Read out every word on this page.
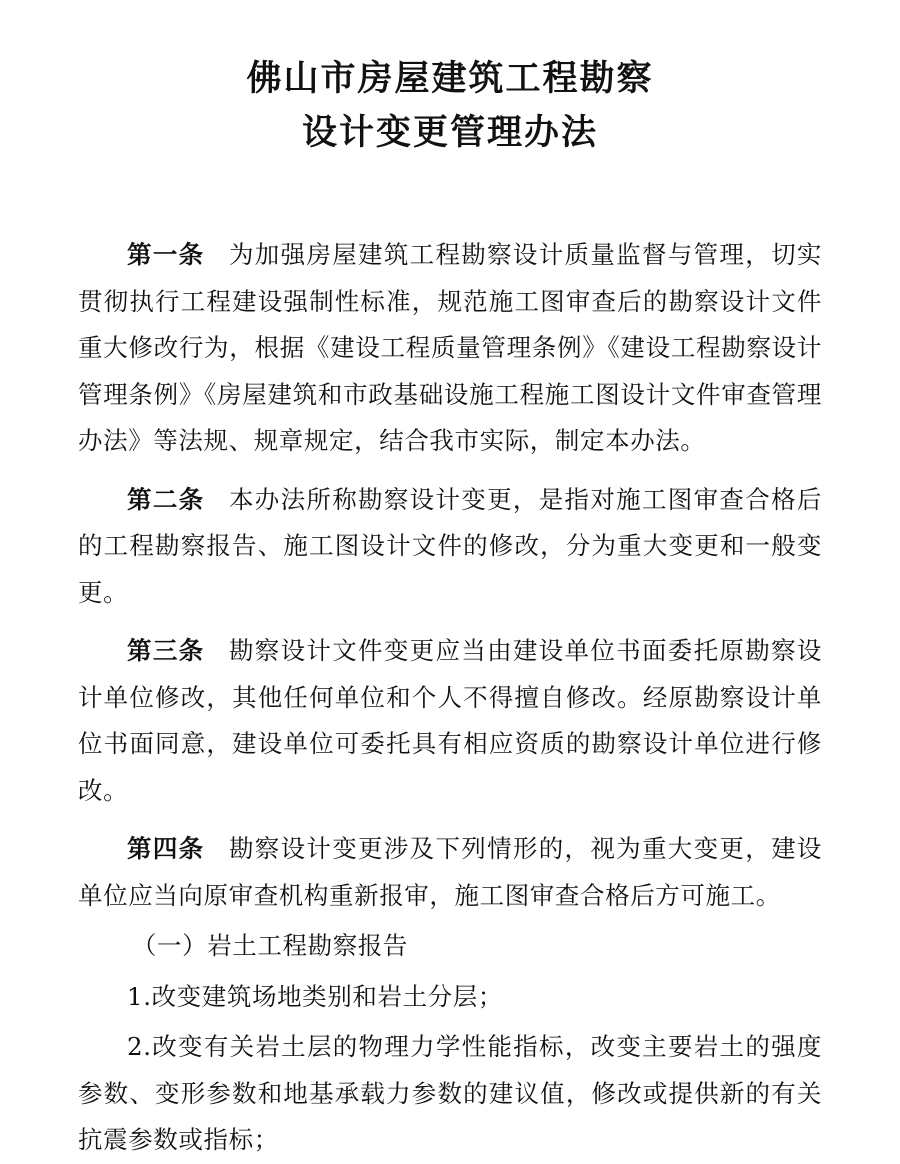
佛山市房屋建筑工程勘察
设计变更管理办法

第一条 为加强房屋建筑工程勘察设计质量监督与管理，切实贯彻执行工程建设强制性标准，规范施工图审查后的勘察设计文件重大修改行为，根据《建设工程质量管理条例》《建设工程勘察设计管理条例》《房屋建筑和市政基础设施工程施工图设计文件审查管理办法》等法规、规章规定，结合我市实际，制定本办法。

第二条 本办法所称勘察设计变更，是指对施工图审查合格后的工程勘察报告、施工图设计文件的修改，分为重大变更和一般变更。

第三条 勘察设计文件变更应当由建设单位书面委托原勘察设计单位修改，其他任何单位和个人不得擅自修改。经原勘察设计单位书面同意，建设单位可委托具有相应资质的勘察设计单位进行修改。

第四条 勘察设计变更涉及下列情形的，视为重大变更，建设单位应当向原审查机构重新报审，施工图审查合格后方可施工。

（一）岩土工程勘察报告

1.改变建筑场地类别和岩土分层；

2.改变有关岩土层的物理力学性能指标，改变主要岩土的强度参数、变形参数和地基承载力参数的建议值，修改或提供新的有关抗震参数或指标；
